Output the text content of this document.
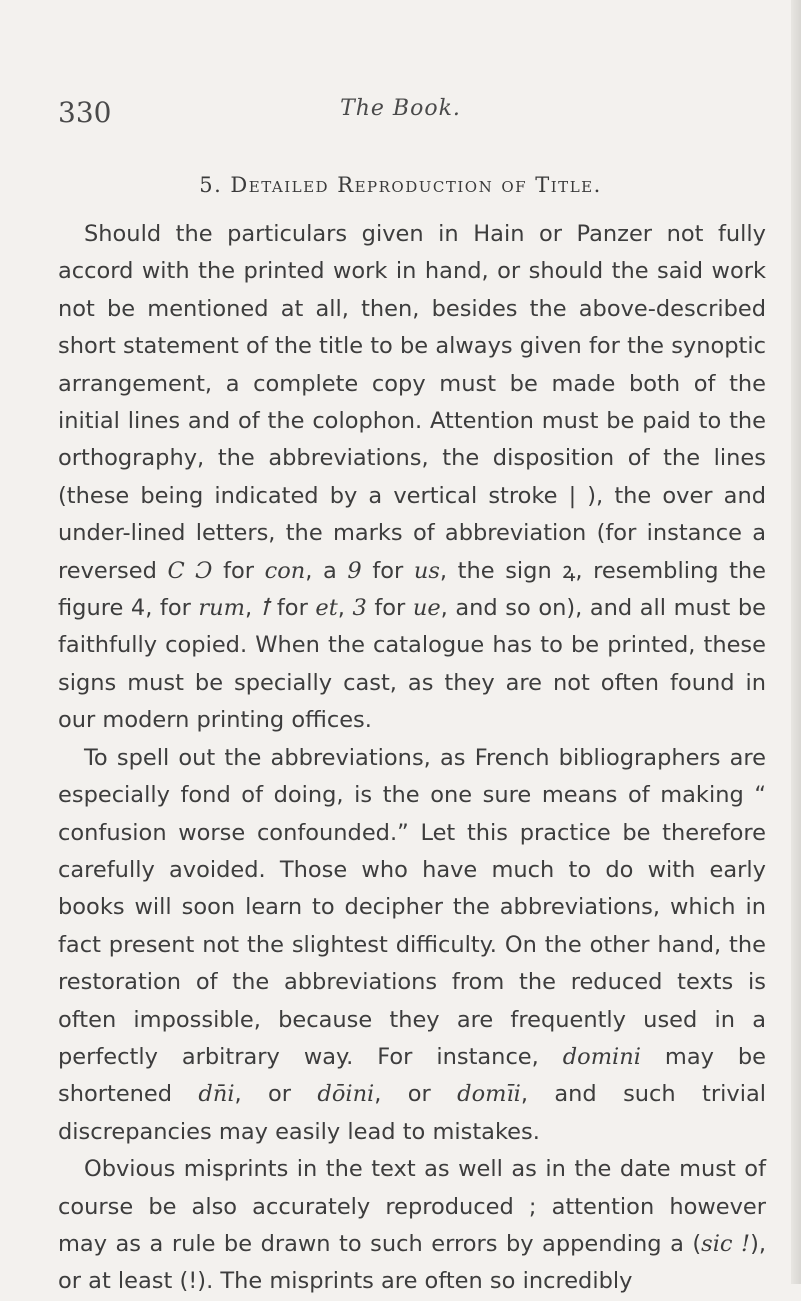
330	The Book.
5. Detailed Reproduction of Title.

Should the particulars given in Hain or Panzer not fully accord with the printed work in hand, or should the said work not be mentioned at all, then, besides the above-described short statement of the title to be always given for the synoptic arrangement, a complete copy must be made both of the initial lines and of the colophon. Attention must be paid to the orthography, the abbreviations, the disposition of the lines (these being indicated by a vertical stroke | ), the over and under-lined letters, the marks of abbreviation (for instance a reversed C Ɔ for con, a 9 for us, the sign ꝝ, resembling the figure 4, for rum, ꝉ for et, 3 for ue, and so on), and all must be faithfully copied. When the catalogue has to be printed, these signs must be specially cast, as they are not often found in our modern printing offices.

To spell out the abbreviations, as French bibliographers are especially fond of doing, is the one sure means of making “ confusion worse confounded.” Let this practice be therefore carefully avoided. Those who have much to do with early books will soon learn to decipher the abbreviations, which in fact present not the slightest difficulty. On the other hand, the restoration of the abbreviations from the reduced texts is often impossible, because they are frequently used in a perfectly arbitrary way. For instance, domini may be shortened dn̄i, or dōini, or domīi, and such trivial discrepancies may easily lead to mistakes.

Obvious misprints in the text as well as in the date must of course be also accurately reproduced ; attention however may as a rule be drawn to such errors by appending a (sic !), or at least (!). The misprints are often so incredibly
